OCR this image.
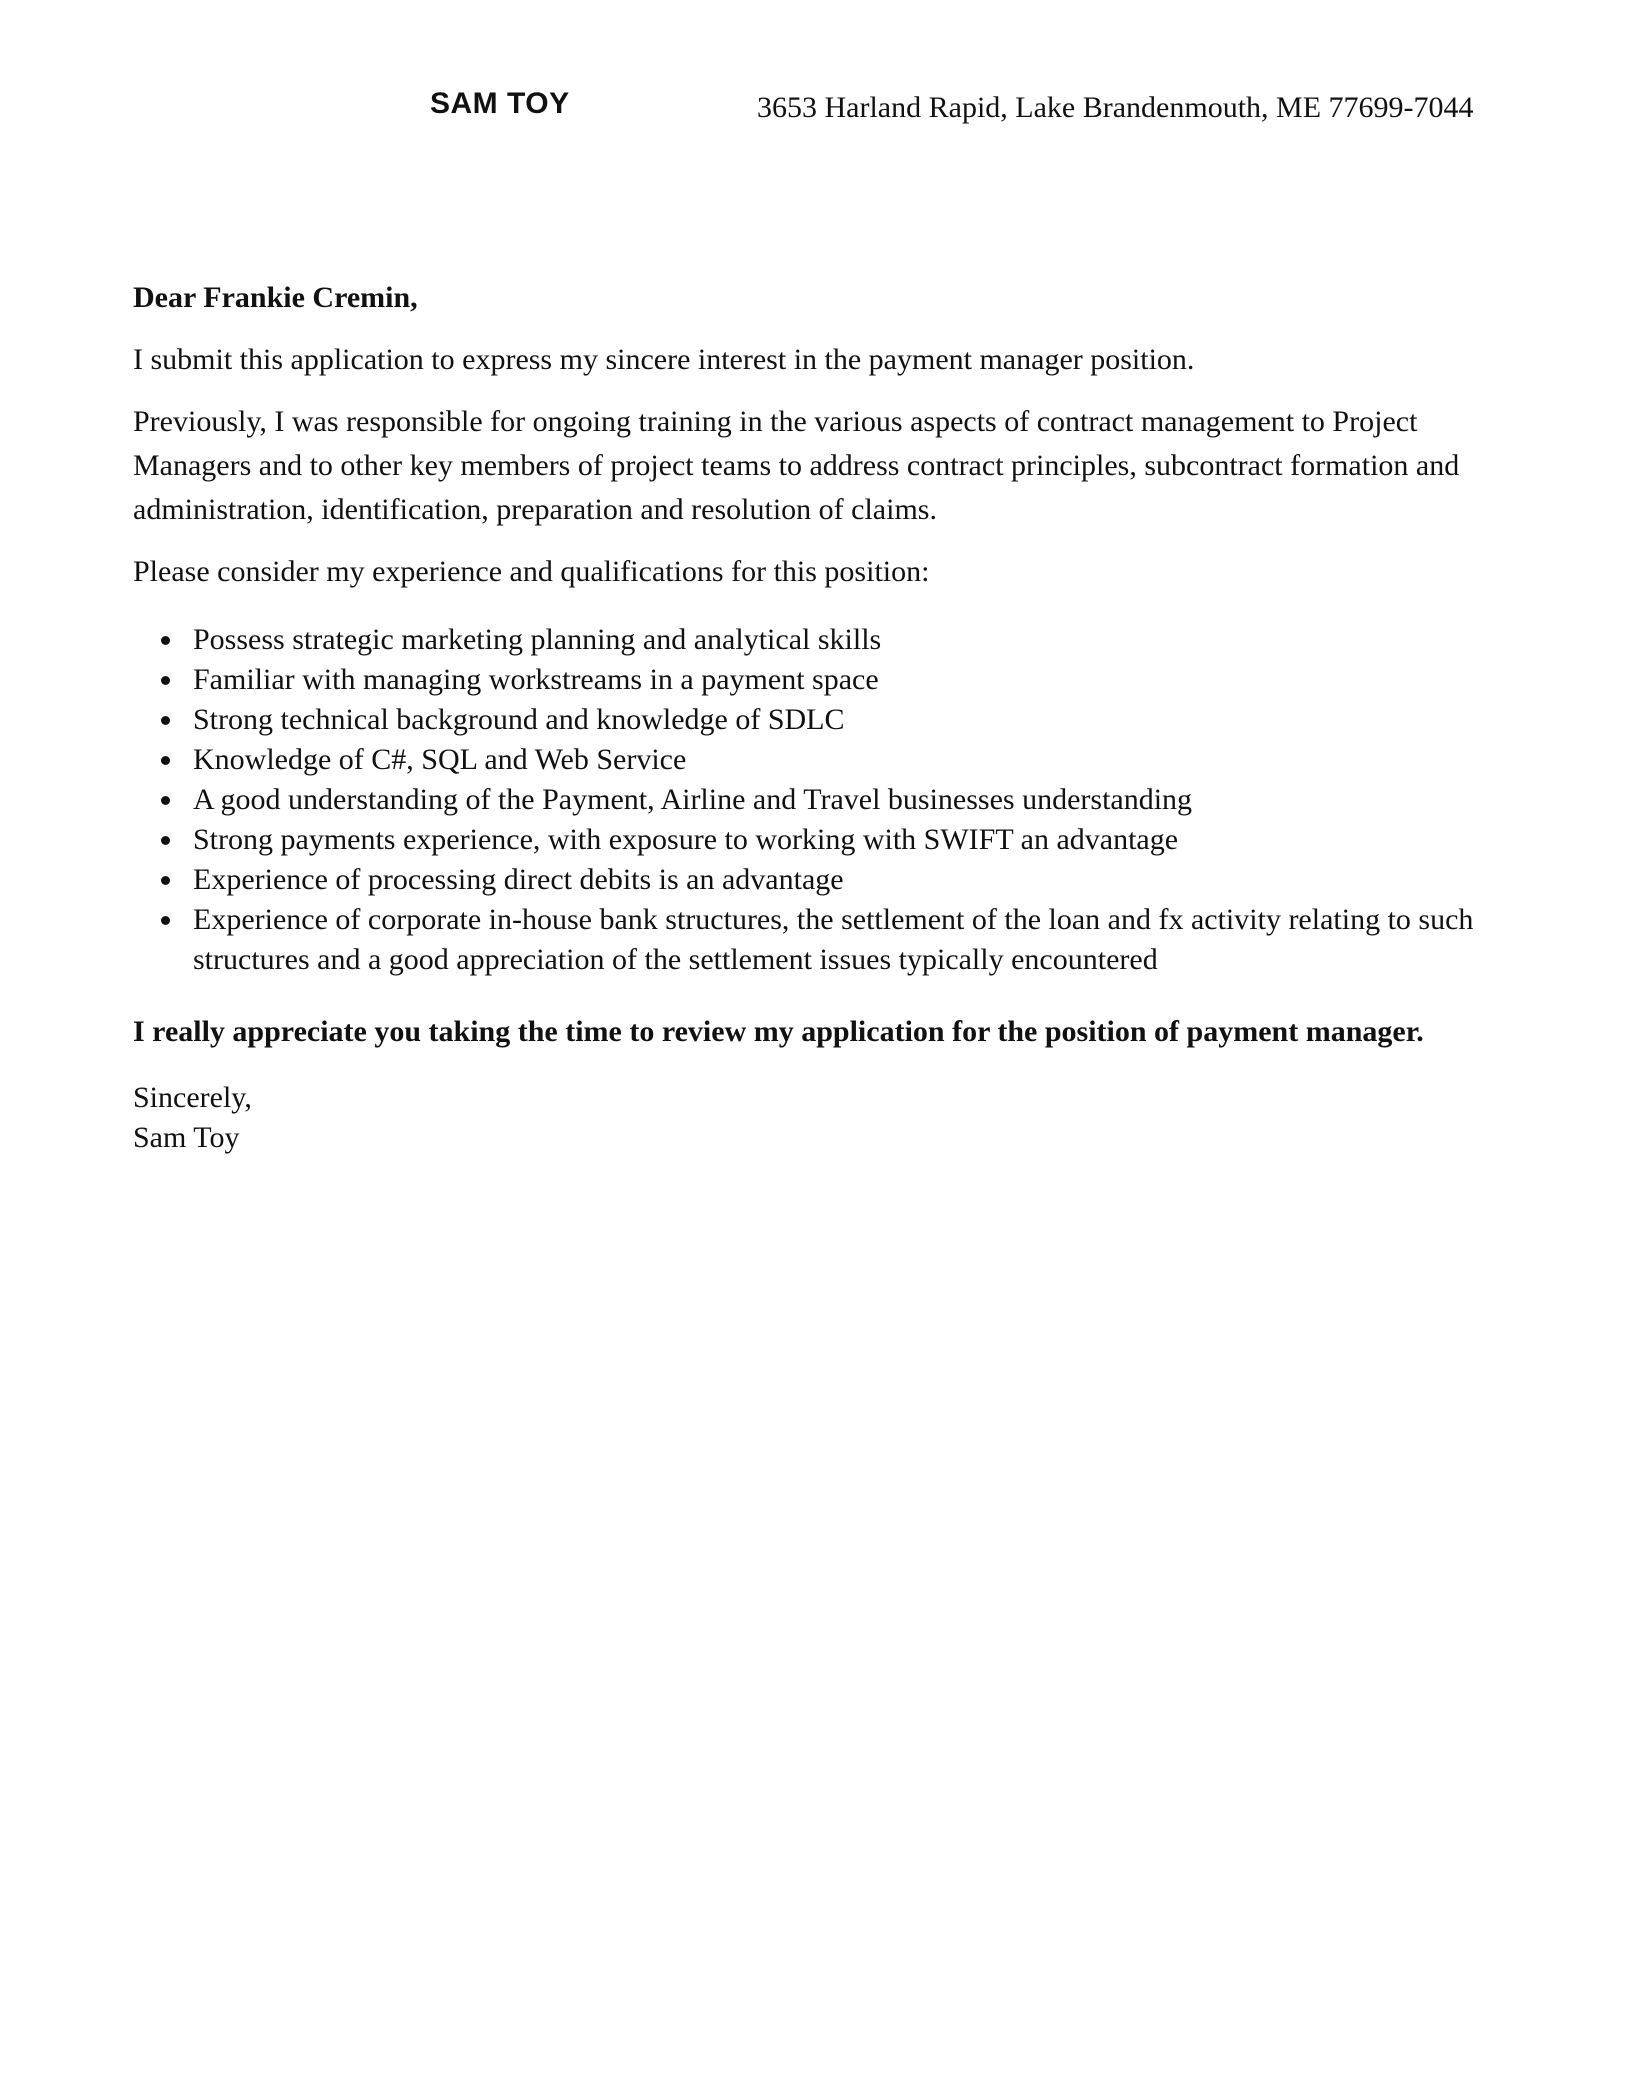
SAM TOY	3653 Harland Rapid, Lake Brandenmouth, ME 77699-7044

Dear Frankie Cremin,

I submit this application to express my sincere interest in the payment manager position.

Previously, I was responsible for ongoing training in the various aspects of contract management to Project Managers and to other key members of project teams to address contract principles, subcontract formation and administration, identification, preparation and resolution of claims.

Please consider my experience and qualifications for this position:

• Possess strategic marketing planning and analytical skills
• Familiar with managing workstreams in a payment space
• Strong technical background and knowledge of SDLC
• Knowledge of C#, SQL and Web Service
• A good understanding of the Payment, Airline and Travel businesses understanding
• Strong payments experience, with exposure to working with SWIFT an advantage
• Experience of processing direct debits is an advantage
• Experience of corporate in-house bank structures, the settlement of the loan and fx activity relating to such structures and a good appreciation of the settlement issues typically encountered

I really appreciate you taking the time to review my application for the position of payment manager.

Sincerely,
Sam Toy
